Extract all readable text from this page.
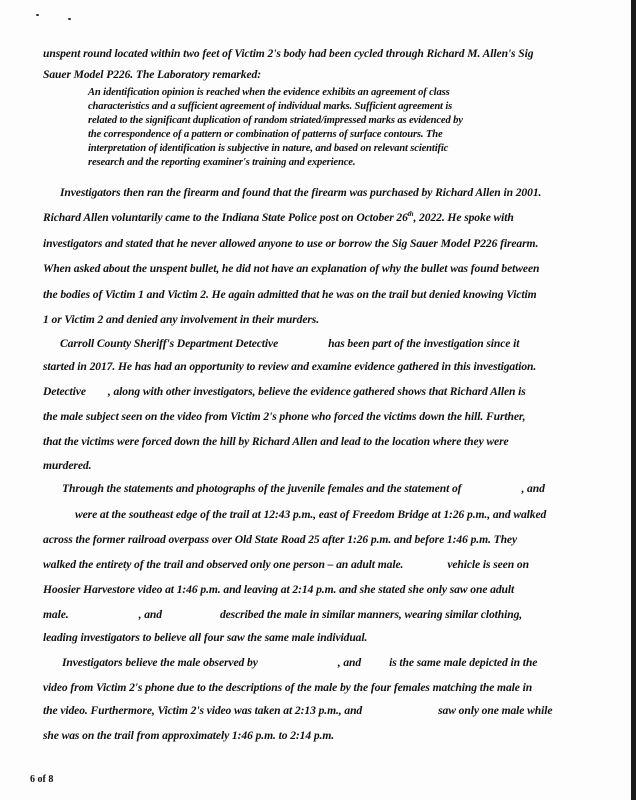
unspent round located within two feet of Victim 2's body had been cycled through Richard M. Allen's Sig
Sauer Model P226. The Laboratory remarked:
An identification opinion is reached when the evidence exhibits an agreement of class
characteristics and a sufficient agreement of individual marks. Sufficient agreement is
related to the significant duplication of random striated/impressed marks as evidenced by
the correspondence of a pattern or combination of patterns of surface contours. The
interpretation of identification is subjective in nature, and based on relevant scientific
research and the reporting examiner's training and experience.
Investigators then ran the firearm and found that the firearm was purchased by Richard Allen in 2001.
Richard Allen voluntarily came to the Indiana State Police post on October 26th, 2022. He spoke with
investigators and stated that he never allowed anyone to use or borrow the Sig Sauer Model P226 firearm.
When asked about the unspent bullet, he did not have an explanation of why the bullet was found between
the bodies of Victim 1 and Victim 2. He again admitted that he was on the trail but denied knowing Victim
1 or Victim 2 and denied any involvement in their murders.
Carroll County Sheriff's Department Detective	has been part of the investigation since it
started in 2017. He has had an opportunity to review and examine evidence gathered in this investigation.
Detective , along with other investigators, believe the evidence gathered shows that Richard Allen is
the male subject seen on the video from Victim 2's phone who forced the victims down the hill. Further,
that the victims were forced down the hill by Richard Allen and lead to the location where they were
murdered.
Through the statements and photographs of the juvenile females and the statement of	, and
were at the southeast edge of the trail at 12:43 p.m., east of Freedom Bridge at 1:26 p.m., and walked
across the former railroad overpass over Old State Road 25 after 1:26 p.m. and before 1:46 p.m. They
walked the entirety of the trail and observed only one person – an adult male.	vehicle is seen on
Hoosier Harvestore video at 1:46 p.m. and leaving at 2:14 p.m. and she stated she only saw one adult
male.	, and	described the male in similar manners, wearing similar clothing,
leading investigators to believe all four saw the same male individual.
Investigators believe the male observed by	, and is the same male depicted in the
video from Victim 2's phone due to the descriptions of the male by the four females matching the male in
the video. Furthermore, Victim 2's video was taken at 2:13 p.m., and	saw only one male while
she was on the trail from approximately 1:46 p.m. to 2:14 p.m.
6 of 8
